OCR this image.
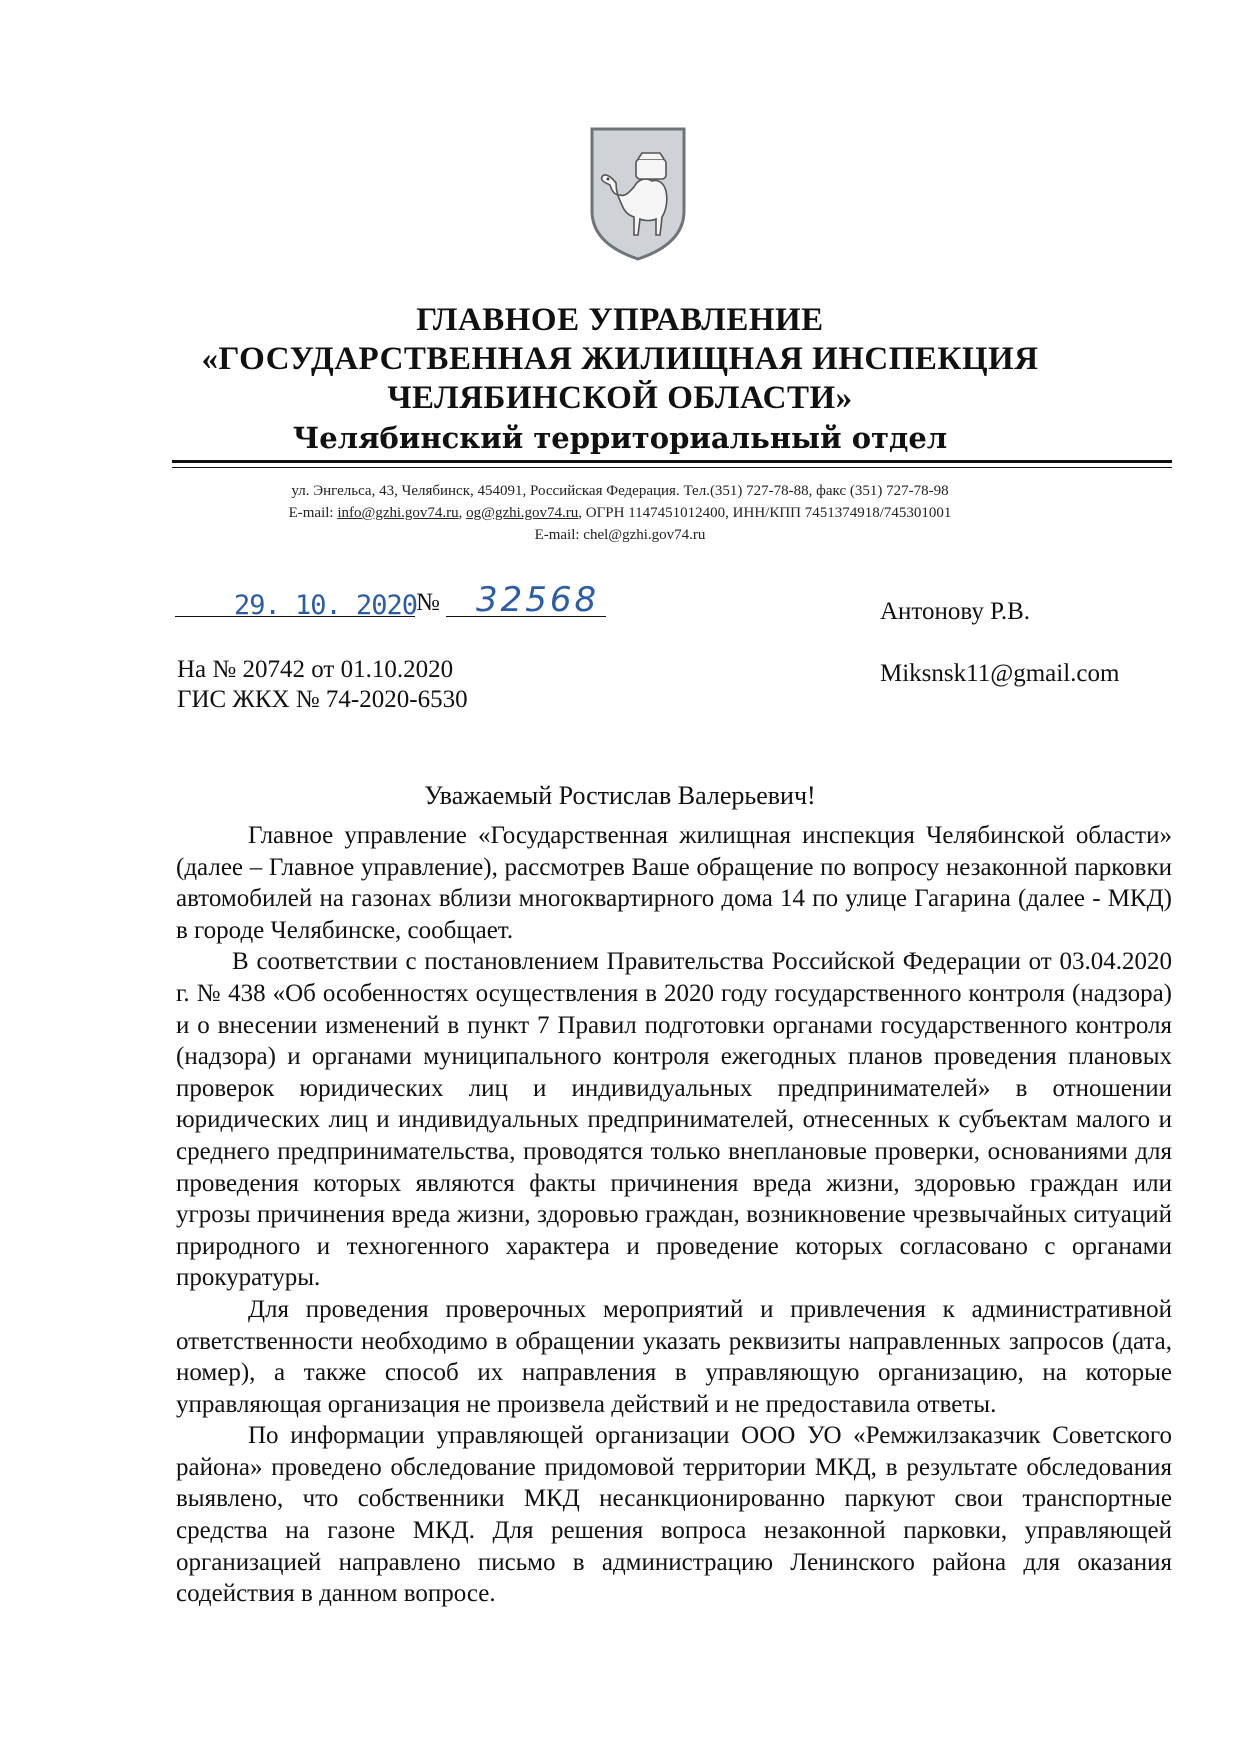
ГЛАВНОЕ УПРАВЛЕНИЕ
«ГОСУДАРСТВЕННАЯ ЖИЛИЩНАЯ ИНСПЕКЦИЯ
ЧЕЛЯБИНСКОЙ ОБЛАСТИ»
Челябинский территориальный отдел
ул. Энгельса, 43, Челябинск, 454091, Российская Федерация. Тел.(351) 727-78-88, факс (351) 727-78-98
E-mail: info@gzhi.gov74.ru, og@gzhi.gov74.ru, ОГРН 1147451012400, ИНН/КПП 7451374918/745301001
E-mail: chel@gzhi.gov74.ru
29. 10. 2020
№ 32568	Антонову Р.В.
Miksnsk11@gmail.com
На № 20742 от 01.10.2020
ГИС ЖКХ № 74-2020-6530
Уважаемый Ростислав Валерьевич!

Главное управление «Государственная жилищная инспекция Челябинской области» (далее – Главное управление), рассмотрев Ваше обращение по вопросу незаконной парковки автомобилей на газонах вблизи многоквартирного дома 14 по улице Гагарина (далее - МКД) в городе Челябинске, сообщает.

В соответствии с постановлением Правительства Российской Федерации от 03.04.2020 г. № 438 «Об особенностях осуществления в 2020 году государственного контроля (надзора) и о внесении изменений в пункт 7 Правил подготовки органами государственного контроля (надзора) и органами муниципального контроля ежегодных планов проведения плановых проверок юридических лиц и индивидуальных предпринимателей» в отношении юридических лиц и индивидуальных предпринимателей, отнесенных к субъектам малого и среднего предпринимательства, проводятся только внеплановые проверки, основаниями для проведения которых являются факты причинения вреда жизни, здоровью граждан или угрозы причинения вреда жизни, здоровью граждан, возникновение чрезвычайных ситуаций природного и техногенного характера и проведение которых согласовано с органами прокуратуры.

Для проведения проверочных мероприятий и привлечения к административной ответственности необходимо в обращении указать реквизиты направленных запросов (дата, номер), а также способ их направления в управляющую организацию, на которые управляющая организация не произвела действий и не предоставила ответы.

По информации управляющей организации ООО УО «Ремжилзаказчик Советского района» проведено обследование придомовой территории МКД, в результате обследования выявлено, что собственники МКД несанкционированно паркуют свои транспортные средства на газоне МКД. Для решения вопроса незаконной парковки, управляющей организацией направлено письмо в администрацию Ленинского района для оказания содействия в данном вопросе.
